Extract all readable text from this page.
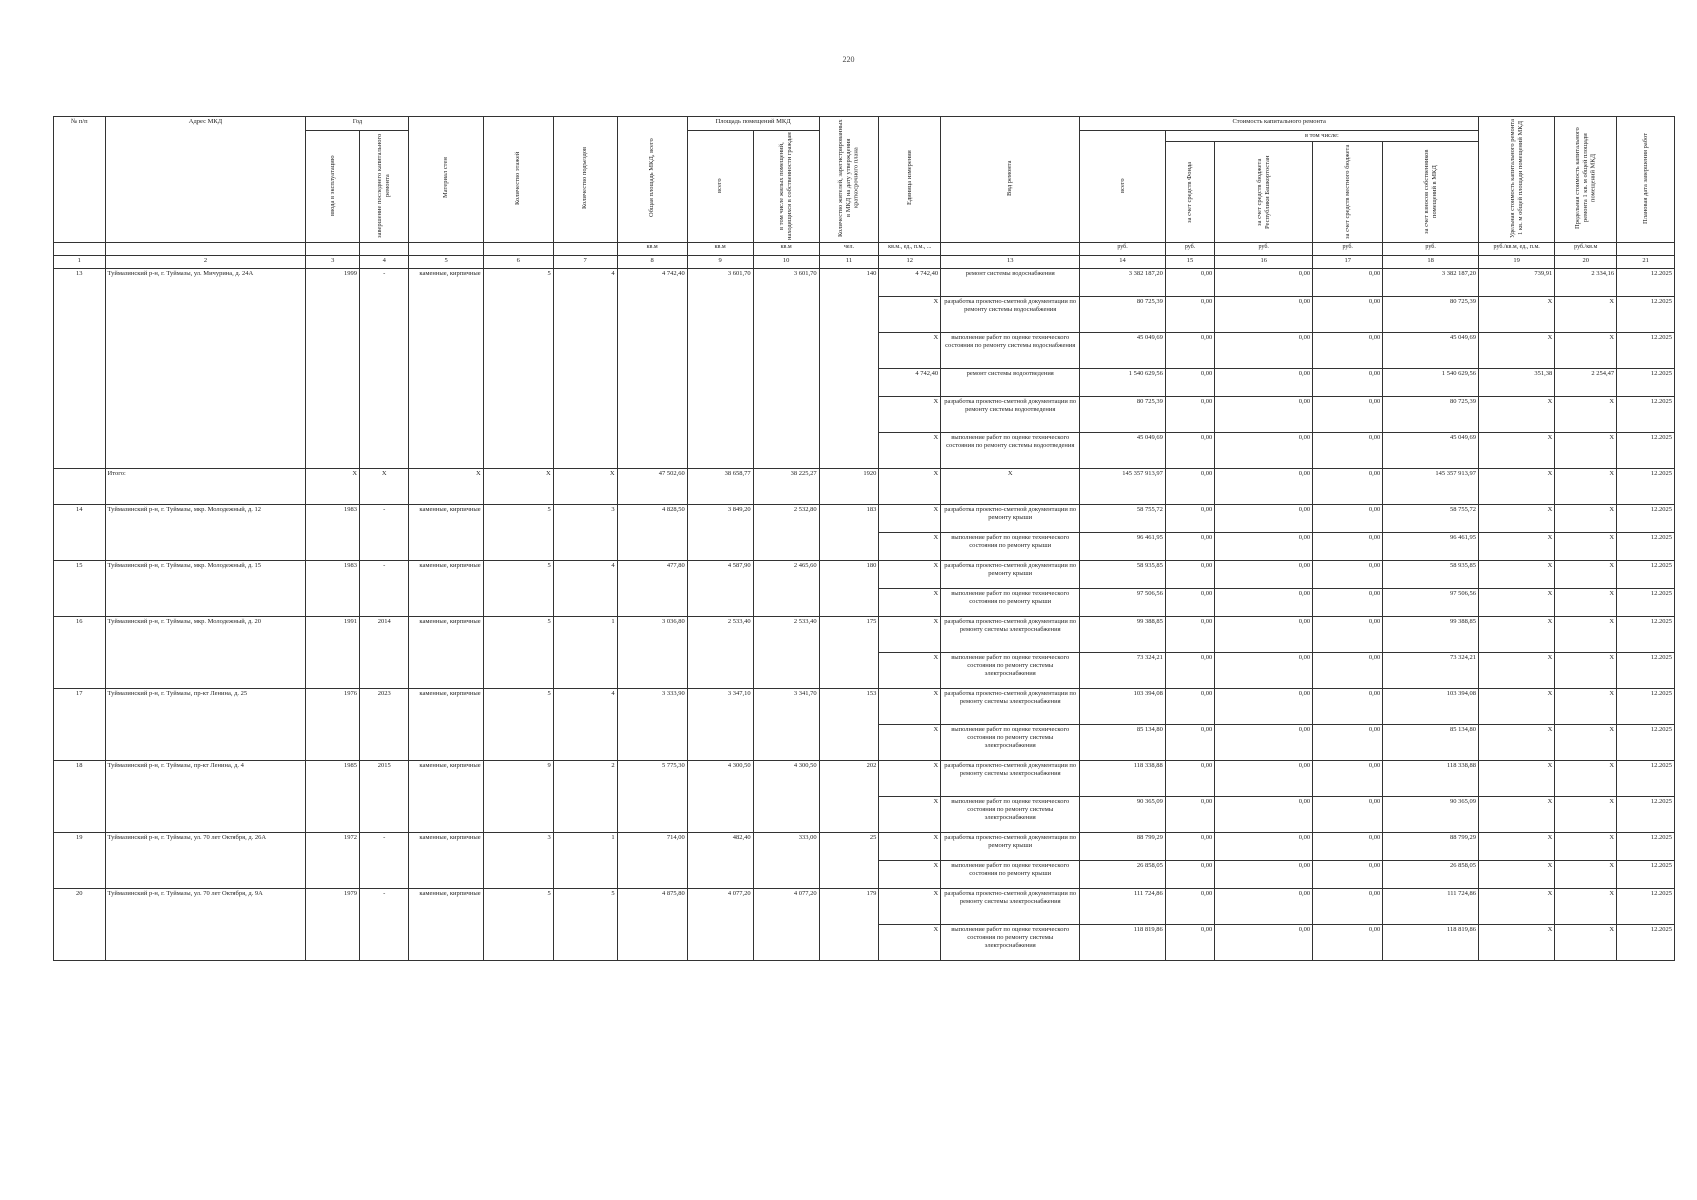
220
№ п/п	Адрес МКД	Год		Материал стен	Количество этажей	Количество подъездов	Общая площадь МКД, всего	Площадь помещений МКД		Количество жителей, зарегистрированных в МКД на дату утверждения краткосрочного плана	Единица измерения	Вид ремонта	Стоимость капитального ремонта					Удельная стоимость капитального ремонта 1 кв. м общей площади помещений МКД	Предельная стоимость капитального ремонта 1 кв. м общей площади помещений МКД	Плановая дата завершения работ

		ввода в эксплуатацию	завершение последнего капитального ремонта					всего	в том числе жилых помещений, находящихся в собственности граждан				всего	в том числе:						

														за счет средств Фонда	за счет средств бюджета Республики Башкортостан	за счет средств местного бюджета	за счет взносов собственников помещений в МКД			

							кв.м	кв.м	кв.м	чел.	кв.м., ед., п.м., ...		руб.	руб.	руб.	руб.	руб.	руб./кв.м, ед., п.м.	руб./кв.м	
1	2	3	4	5	6	7	8	9	10	11	12	13	14	15	16	17	18	19	20	21
13	Туймазинский р-н, г. Туймазы, ул. Мичурина, д. 24А	1999	-	каменные, кирпичные	5	4	4 742,40	3 601,70	3 601,70	140	4 742,40	ремонт системы водоснабжения	3 382 187,20	0,00	0,00	0,00	3 382 187,20	739,91	2 334,16	12.2025
											X	разработка проектно-сметной документации по ремонту системы водоснабжения	80 725,39	0,00	0,00	0,00	80 725,39	X	X	12.2025
											X	выполнение работ по оценке технического состояния по ремонту системы водоснабжения	45 049,69	0,00	0,00	0,00	45 049,69	X	X	12.2025
											4 742,40	ремонт системы водоотведения	1 540 629,56	0,00	0,00	0,00	1 540 629,56	351,38	2 254,47	12.2025
											X	разработка проектно-сметной документации по ремонту системы водоотведения	80 725,39	0,00	0,00	0,00	80 725,39	X	X	12.2025
											X	выполнение работ по оценке технического состояния по ремонту системы водоотведения	45 049,69	0,00	0,00	0,00	45 049,69	X	X	12.2025
	Итого:	X	X	X	X	X	47 502,60	38 658,77	38 225,27	1920	X	X	145 357 913,97	0,00	0,00	0,00	145 357 913,97	X	X	12.2025
14	Туймазинский р-н, г. Туймазы, мкр. Молодежный, д. 12	1983	-	каменные, кирпичные	5	3	4 828,50	3 849,20	2 532,80	183	X	разработка проектно-сметной документации по ремонту крыши	58 755,72	0,00	0,00	0,00	58 755,72	X	X	12.2025
											X	выполнение работ по оценке технического состояния по ремонту крыши	96 461,95	0,00	0,00	0,00	96 461,95	X	X	12.2025
15	Туймазинский р-н, г. Туймазы, мкр. Молодежный, д. 15	1983	-	каменные, кирпичные	5	4	477,80	4 587,90	2 465,60	180	X	разработка проектно-сметной документации по ремонту крыши	58 935,85	0,00	0,00	0,00	58 935,85	X	X	12.2025
											X	выполнение работ по оценке технического состояния по ремонту крыши	97 506,56	0,00	0,00	0,00	97 506,56	X	X	12.2025
16	Туймазинский р-н, г. Туймазы, мкр. Молодежный, д. 20	1991	2014	каменные, кирпичные	5	1	3 036,80	2 533,40	2 533,40	175	X	разработка проектно-сметной документации по ремонту системы электроснабжения	99 388,85	0,00	0,00	0,00	99 388,85	X	X	12.2025
											X	выполнение работ по оценке технического состояния по ремонту системы электроснабжения	73 324,21	0,00	0,00	0,00	73 324,21	X	X	12.2025
17	Туймазинский р-н, г. Туймазы, пр-кт Ленина, д. 25	1976	2023	каменные, кирпичные	5	4	3 333,90	3 347,10	3 341,70	153	X	разработка проектно-сметной документации по ремонту системы электроснабжения	103 394,08	0,00	0,00	0,00	103 394,08	X	X	12.2025
											X	выполнение работ по оценке технического состояния по ремонту системы электроснабжения	85 134,80	0,00	0,00	0,00	85 134,80	X	X	12.2025
18	Туймазинский р-н, г. Туймазы, пр-кт Ленина, д. 4	1985	2015	каменные, кирпичные	9	2	5 775,30	4 300,50	4 300,50	202	X	разработка проектно-сметной документации по ремонту системы электроснабжения	118 338,88	0,00	0,00	0,00	118 338,88	X	X	12.2025
											X	выполнение работ по оценке технического состояния по ремонту системы электроснабжения	90 365,09	0,00	0,00	0,00	90 365,09	X	X	12.2025
19	Туймазинский р-н, г. Туймазы, ул. 70 лет Октября, д. 26А	1972	-	каменные, кирпичные	3	1	714,00	482,40	333,00	25	X	разработка проектно-сметной документации по ремонту крыши	88 799,29	0,00	0,00	0,00	88 799,29	X	X	12.2025
											X	выполнение работ по оценке технического состояния по ремонту крыши	26 858,05	0,00	0,00	0,00	26 858,05	X	X	12.2025
20	Туймазинский р-н, г. Туймазы, ул. 70 лет Октября, д. 9А	1979	-	каменные, кирпичные	5	5	4 875,80	4 077,20	4 077,20	179	X	разработка проектно-сметной документации по ремонту системы электроснабжения	111 724,86	0,00	0,00	0,00	111 724,86	X	X	12.2025
											X	выполнение работ по оценке технического состояния по ремонту системы электроснабжения	118 819,86	0,00	0,00	0,00	118 819,86	X	X	12.2025
